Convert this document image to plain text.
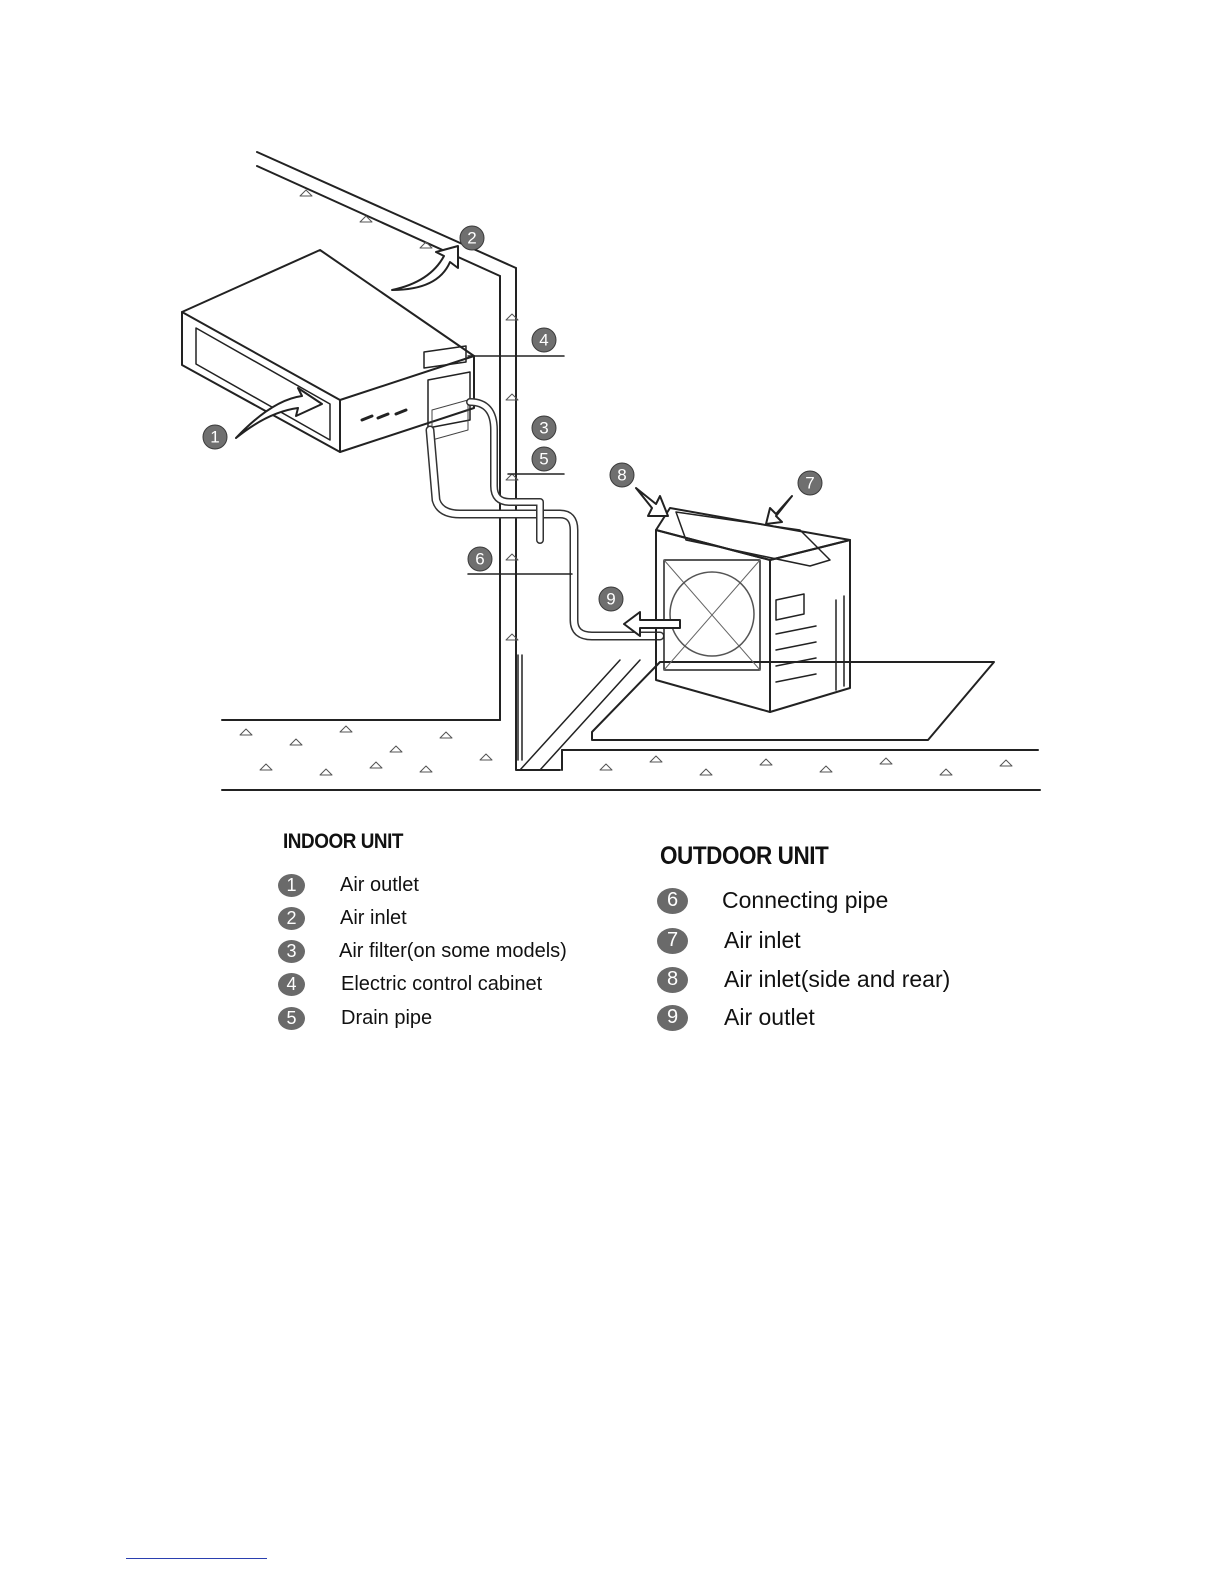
1
2
3
4
5
6
7
8
9
INDOOR UNIT
1	Air outlet
2	Air inlet
3	Air filter(on some models)
4	Electric control cabinet
5	Drain pipe
OUTDOOR UNIT
6	Connecting pipe
7	Air inlet
8	Air inlet(side and rear)
9	Air outlet
